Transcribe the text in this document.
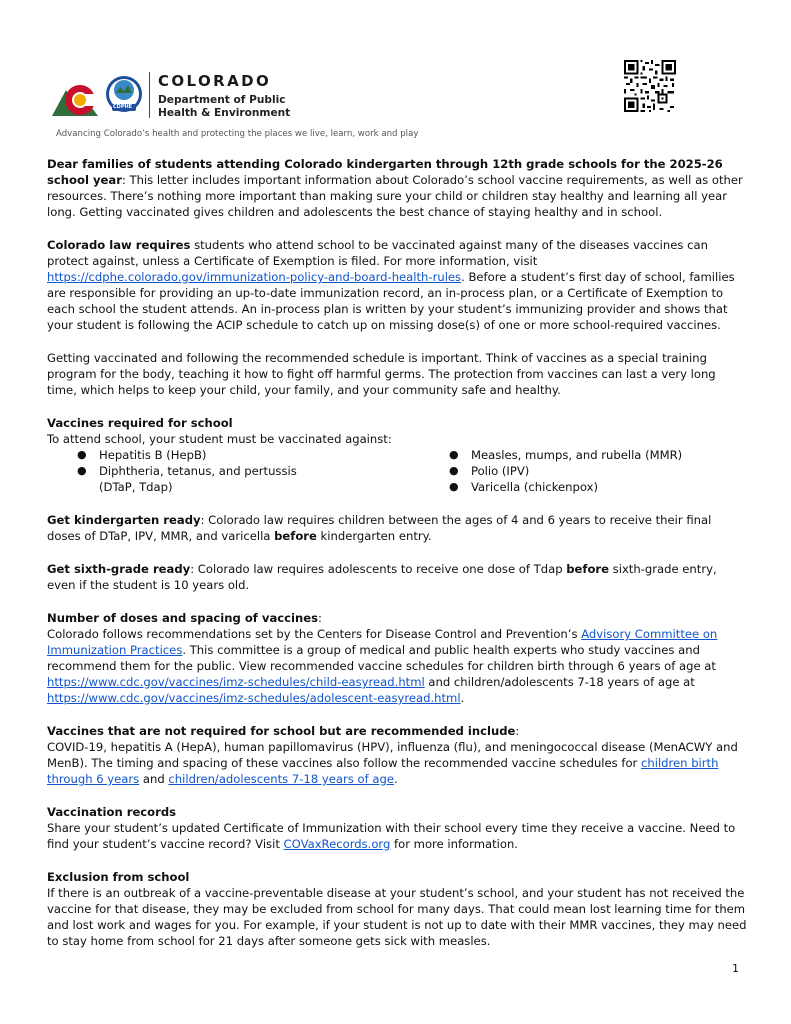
CDPHE
COLORADO
Department of Public
Health & Environment
Advancing Colorado’s health and protecting the places we live, learn, work and play

Dear families of students attending Colorado kindergarten through 12th grade schools for the 2025-26 school year: This letter includes important information about Colorado’s school vaccine requirements, as well as other resources. There’s nothing more important than making sure your child or children stay healthy and learning all year long. Getting vaccinated gives children and adolescents the best chance of staying healthy and in school.

Colorado law requires students who attend school to be vaccinated against many of the diseases vaccines can protect against, unless a Certificate of Exemption is filed. For more information, visit https://cdphe.colorado.gov/immunization-policy-and-board-health-rules. Before a student’s first day of school, families are responsible for providing an up-to-date immunization record, an in-process plan, or a Certificate of Exemption to each school the student attends. An in-process plan is written by your student’s immunizing provider and shows that your student is following the ACIP schedule to catch up on missing dose(s) of one or more school-required vaccines.

Getting vaccinated and following the recommended schedule is important. Think of vaccines as a special training program for the body, teaching it how to fight off harmful germs. The protection from vaccines can last a very long time, which helps to keep your child, your family, and your community safe and healthy.

Vaccines required for school

To attend school, your student must be vaccinated against:

● Hepatitis B (HepB)
● Diphtheria, tetanus, and pertussis (DTaP, Tdap)
● Measles, mumps, and rubella (MMR)
● Polio (IPV)
● Varicella (chickenpox)

Get kindergarten ready: Colorado law requires children between the ages of 4 and 6 years to receive their final doses of DTaP, IPV, MMR, and varicella before kindergarten entry.

Get sixth-grade ready: Colorado law requires adolescents to receive one dose of Tdap before sixth-grade entry, even if the student is 10 years old.

Number of doses and spacing of vaccines:

Colorado follows recommendations set by the Centers for Disease Control and Prevention’s Advisory Committee on Immunization Practices. This committee is a group of medical and public health experts who study vaccines and recommend them for the public. View recommended vaccine schedules for children birth through 6 years of age at https://www.cdc.gov/vaccines/imz-schedules/child-easyread.html and children/adolescents 7-18 years of age at https://www.cdc.gov/vaccines/imz-schedules/adolescent-easyread.html.

Vaccines that are not required for school but are recommended include:

COVID-19, hepatitis A (HepA), human papillomavirus (HPV), influenza (flu), and meningococcal disease (MenACWY and MenB). The timing and spacing of these vaccines also follow the recommended vaccine schedules for children birth through 6 years and children/adolescents 7-18 years of age.

Vaccination records

Share your student’s updated Certificate of Immunization with their school every time they receive a vaccine. Need to find your student’s vaccine record? Visit COVaxRecords.org for more information.

Exclusion from school

If there is an outbreak of a vaccine-preventable disease at your student’s school, and your student has not received the vaccine for that disease, they may be excluded from school for many days. That could mean lost learning time for them and lost work and wages for you. For example, if your student is not up to date with their MMR vaccines, they may need to stay home from school for 21 days after someone gets sick with measles.

1
